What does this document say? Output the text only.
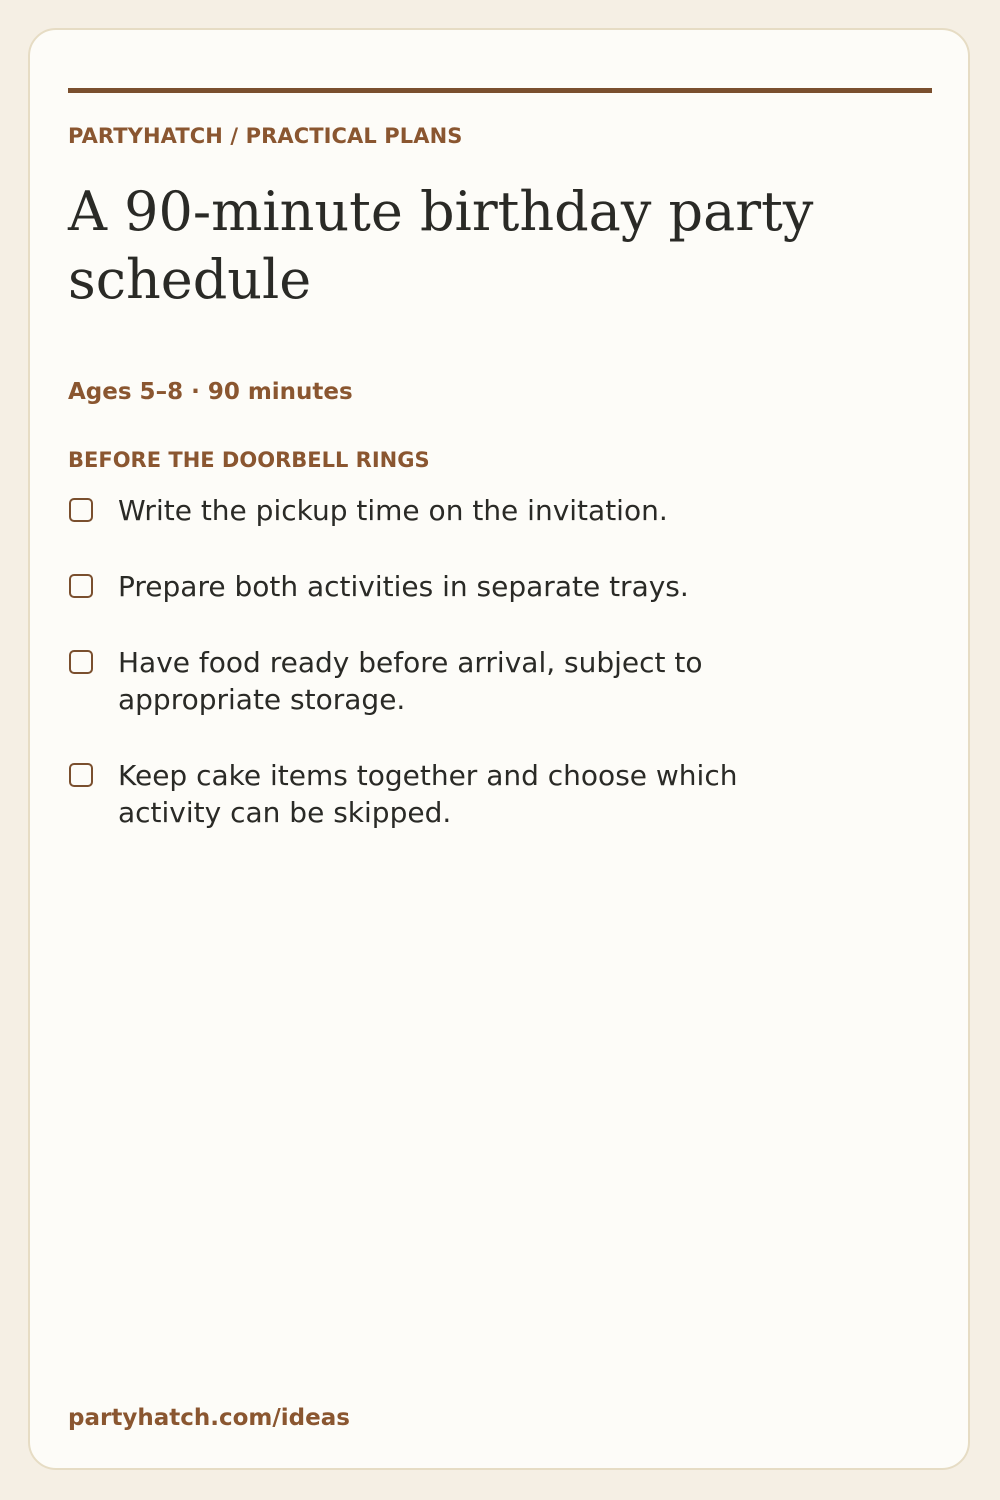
PARTYHATCH / PRACTICAL PLANS
A 90-minute birthday party schedule
Ages 5–8 · 90 minutes
BEFORE THE DOORBELL RINGS
Write the pickup time on the invitation.
Prepare both activities in separate trays.
Have food ready before arrival, subject to appropriate storage.
Keep cake items together and choose which activity can be skipped.
partyhatch.com/ideas
